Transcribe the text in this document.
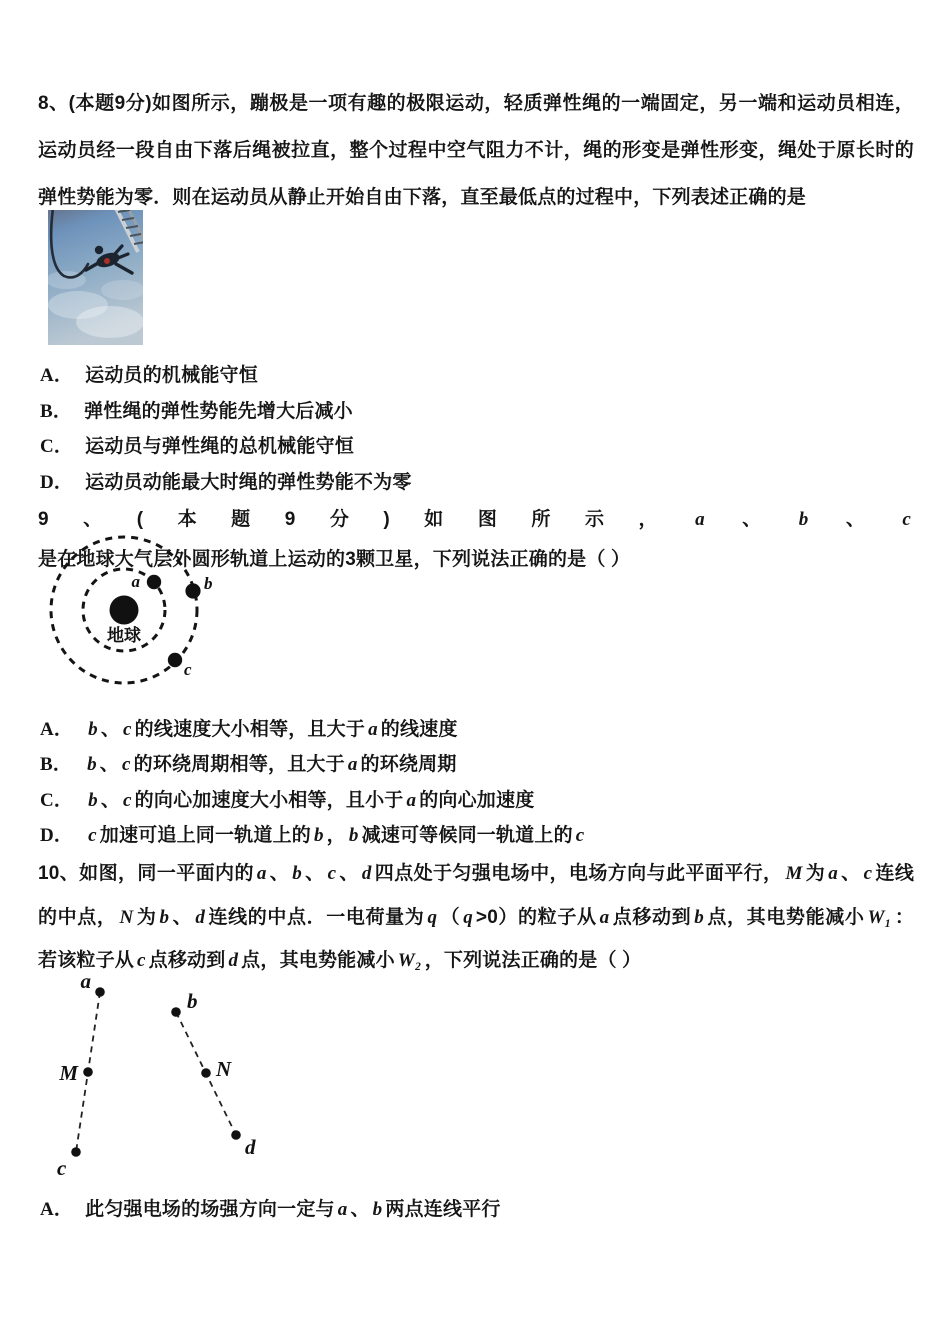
8、(本题9分)如图所示，蹦极是一项有趣的极限运动，轻质弹性绳的一端固定，另一端和运动员相连，运动员经一段自由下落后绳被拉直，整个过程中空气阻力不计，绳的形变是弹性形变，绳处于原长时的弹性势能为零．则在运动员从静止开始自由下落，直至最低点的过程中，下列表述正确的是
A． 运动员的机械能守恒
B． 弹性绳的弹性势能先增大后减小
C． 运动员与弹性绳的总机械能守恒
D． 运动员动能最大时绳的弹性势能不为零
9、(本题9分)如图所示， a 、 b 、 c是在地球大气层外圆形轨道上运动的3颗卫星，下列说法正确的是（ ）
地球
a	b
c
A． b 、 c 的线速度大小相等，且大于 a 的线速度
B． b 、 c 的环绕周期相等，且大于 a 的环绕周期
C． b 、 c 的向心加速度大小相等，且小于 a 的向心加速度
D． c 加速可追上同一轨道上的 b ， b 减速可等候同一轨道上的 c
10、如图，同一平面内的 a 、 b 、 c 、 d 四点处于匀强电场中，电场方向与此平面平行， M 为 a 、 c 连线的中点， N 为 b 、 d 连线的中点．一电荷量为 q （ q >0）的粒子从 a 点移动到 b 点，其电势能减小 W₁ ：若该粒子从 c 点移动到 d 点，其电势能减小 W₂ ，下列说法正确的是（ ）
a
b
M	N
c
d
A． 此匀强电场的场强方向一定与 a 、 b 两点连线平行
